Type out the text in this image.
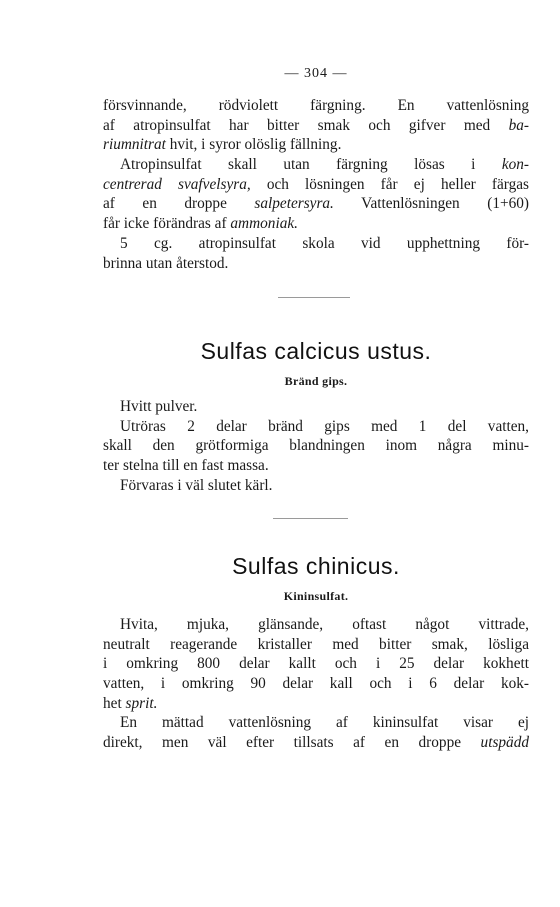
— 304 —
försvinnande, rödviolett färgning. En vattenlösning
af atropinsulfat har bitter smak och gifver med ba-
riumnitrat hvit, i syror olöslig fällning.
Atropinsulfat skall utan färgning lösas i kon-
centrerad svafvelsyra, och lösningen får ej heller färgas
af en droppe salpetersyra. Vattenlösningen (1+60)
får icke förändras af ammoniak.
5 cg. atropinsulfat skola vid upphettning för-
brinna utan återstod.
Sulfas calcicus ustus.
Bränd gips.
Hvitt pulver.
Utröras 2 delar bränd gips med 1 del vatten,
skall den grötformiga blandningen inom några minu-
ter stelna till en fast massa.
Förvaras i väl slutet kärl.
Sulfas chinicus.
Kininsulfat.
Hvita, mjuka, glänsande, oftast något vittrade,
neutralt reagerande kristaller med bitter smak, lösliga
i omkring 800 delar kallt och i 25 delar kokhett
vatten, i omkring 90 delar kall och i 6 delar kok-
het sprit.
En mättad vattenlösning af kininsulfat visar ej
direkt, men väl efter tillsats af en droppe utspädd
